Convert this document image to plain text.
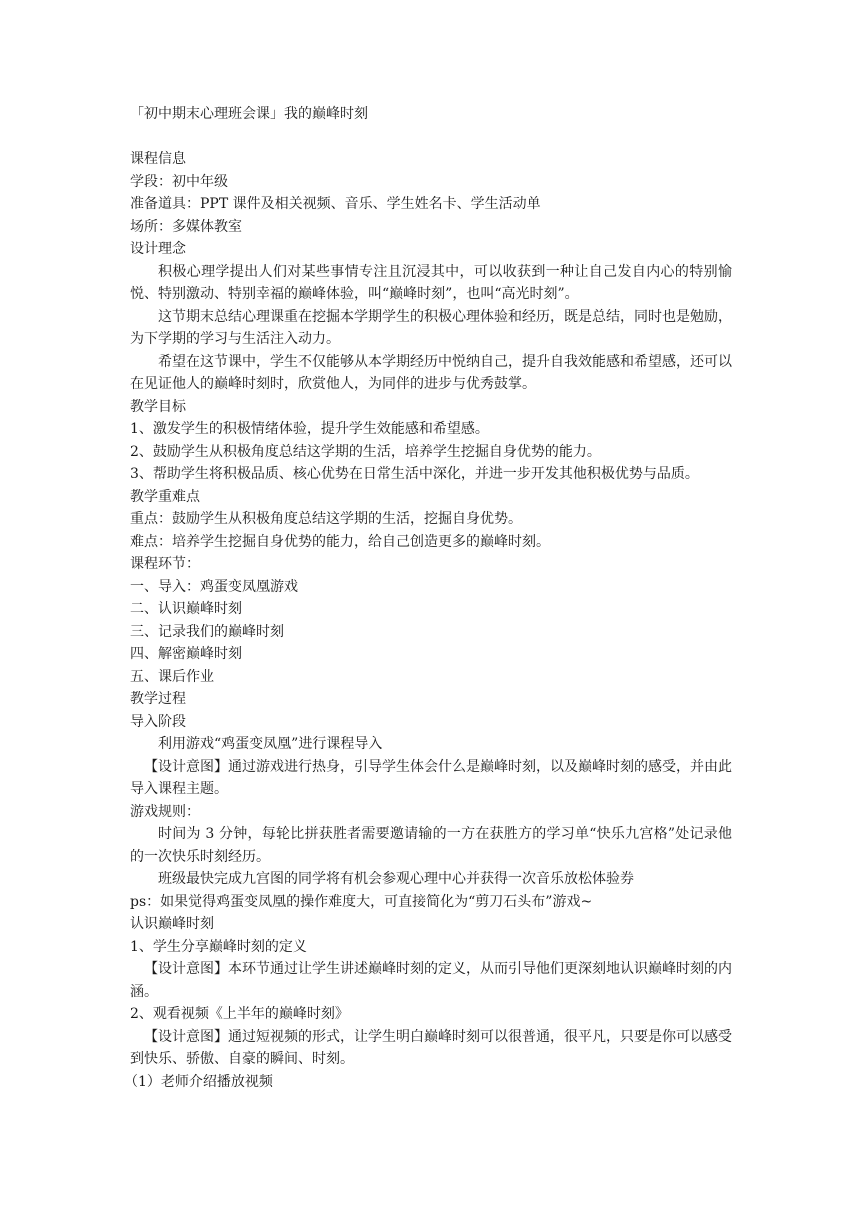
「初中期末心理班会课」我的巅峰时刻

课程信息

学段：初中年级

准备道具：PPT 课件及相关视频、音乐、学生姓名卡、学生活动单

场所：多媒体教室

设计理念

积极心理学提出人们对某些事情专注且沉浸其中，可以收获到一种让自己发自内心的特别愉悦、特别激动、特别幸福的巅峰体验，叫“巅峰时刻”，也叫“高光时刻”。

这节期末总结心理课重在挖掘本学期学生的积极心理体验和经历，既是总结，同时也是勉励，为下学期的学习与生活注入动力。

希望在这节课中，学生不仅能够从本学期经历中悦纳自己，提升自我效能感和希望感，还可以在见证他人的巅峰时刻时，欣赏他人，为同伴的进步与优秀鼓掌。

教学目标

1、激发学生的积极情绪体验，提升学生效能感和希望感。

2、鼓励学生从积极角度总结这学期的生活，培养学生挖掘自身优势的能力。

3、帮助学生将积极品质、核心优势在日常生活中深化，并进一步开发其他积极优势与品质。

教学重难点

重点：鼓励学生从积极角度总结这学期的生活，挖掘自身优势。

难点：培养学生挖掘自身优势的能力，给自己创造更多的巅峰时刻。

课程环节：

一、导入：鸡蛋变凤凰游戏

二、认识巅峰时刻

三、记录我们的巅峰时刻

四、解密巅峰时刻

五、课后作业

教学过程

导入阶段

利用游戏“鸡蛋变凤凰”进行课程导入

【设计意图】通过游戏进行热身，引导学生体会什么是巅峰时刻，以及巅峰时刻的感受，并由此导入课程主题。

游戏规则：

时间为 3 分钟，每轮比拼获胜者需要邀请输的一方在获胜方的学习单“快乐九宫格”处记录他的一次快乐时刻经历。

班级最快完成九宫图的同学将有机会参观心理中心并获得一次音乐放松体验券

ps：如果觉得鸡蛋变凤凰的操作难度大，可直接简化为“剪刀石头布”游戏~

认识巅峰时刻

1、学生分享巅峰时刻的定义

【设计意图】本环节通过让学生讲述巅峰时刻的定义，从而引导他们更深刻地认识巅峰时刻的内涵。

2、观看视频《上半年的巅峰时刻》

【设计意图】通过短视频的形式，让学生明白巅峰时刻可以很普通，很平凡，只要是你可以感受到快乐、骄傲、自豪的瞬间、时刻。

（1）老师介绍播放视频
